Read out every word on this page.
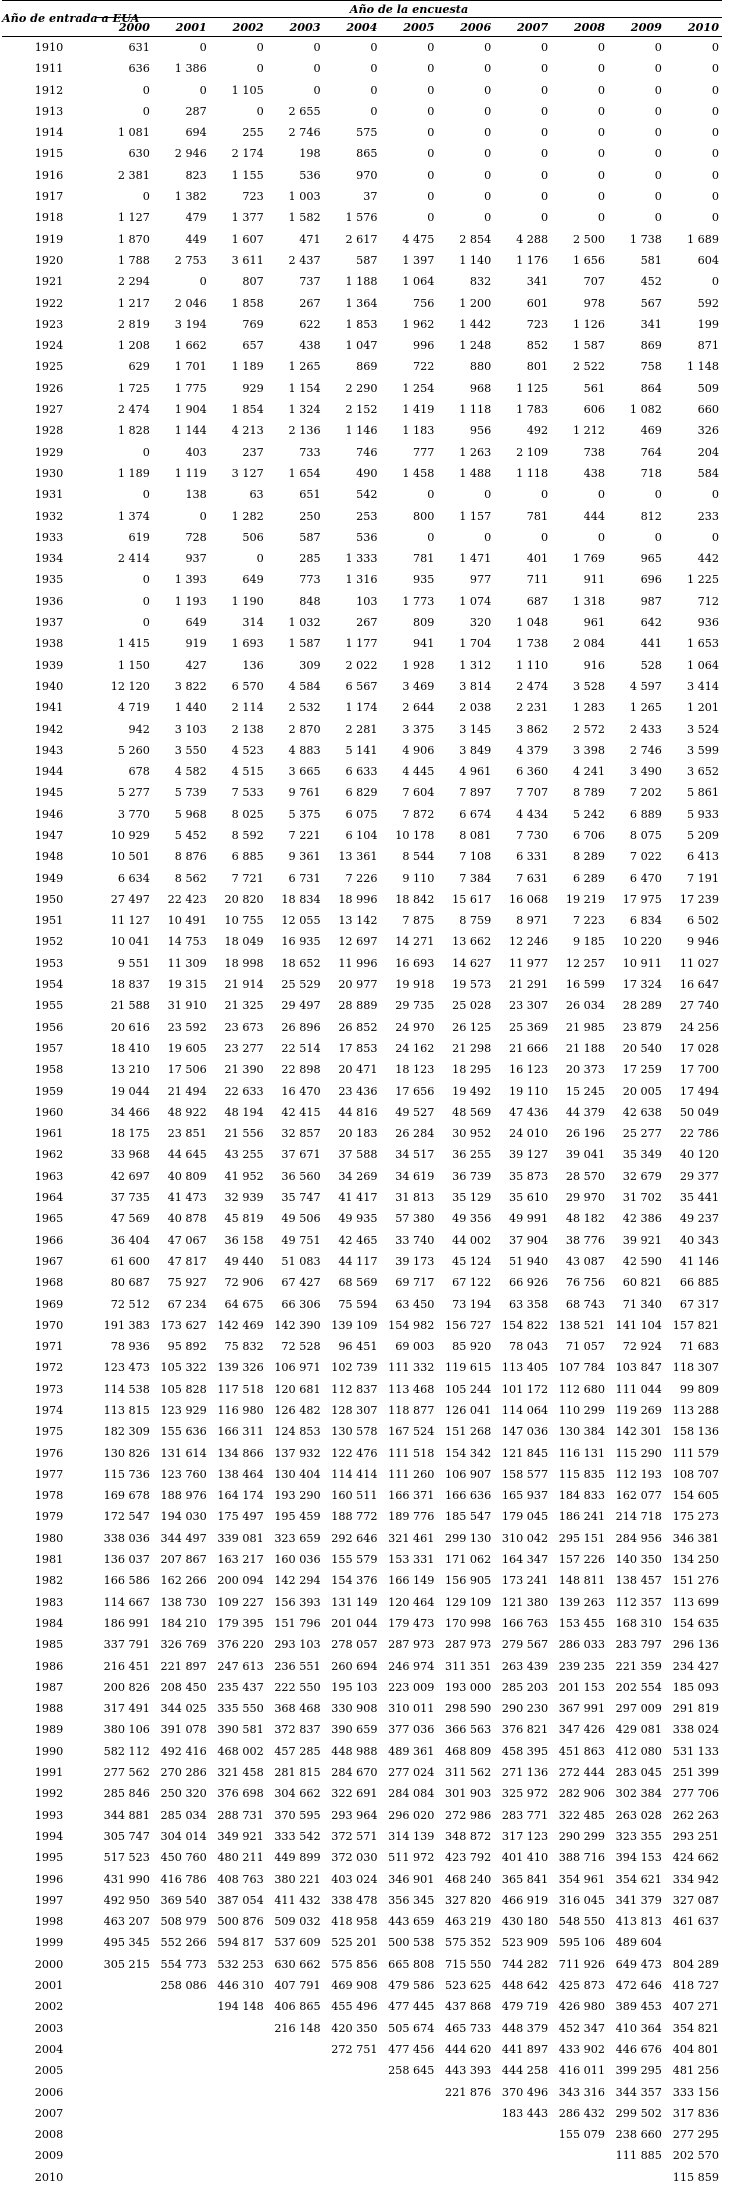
Año de entrada a EUA	Año de la encuesta										
	2000	2001	2002	2003	2004	2005	2006	2007	2008	2009	2010
1910	631	0	0	0	0	0	0	0	0	0	0
1911	636	1 386	0	0	0	0	0	0	0	0	0
1912	0	0	1 105	0	0	0	0	0	0	0	0
1913	0	287	0	2 655	0	0	0	0	0	0	0
1914	1 081	694	255	2 746	575	0	0	0	0	0	0
1915	630	2 946	2 174	198	865	0	0	0	0	0	0
1916	2 381	823	1 155	536	970	0	0	0	0	0	0
1917	0	1 382	723	1 003	37	0	0	0	0	0	0
1918	1 127	479	1 377	1 582	1 576	0	0	0	0	0	0
1919	1 870	449	1 607	471	2 617	4 475	2 854	4 288	2 500	1 738	1 689
1920	1 788	2 753	3 611	2 437	587	1 397	1 140	1 176	1 656	581	604
1921	2 294	0	807	737	1 188	1 064	832	341	707	452	0
1922	1 217	2 046	1 858	267	1 364	756	1 200	601	978	567	592
1923	2 819	3 194	769	622	1 853	1 962	1 442	723	1 126	341	199
1924	1 208	1 662	657	438	1 047	996	1 248	852	1 587	869	871
1925	629	1 701	1 189	1 265	869	722	880	801	2 522	758	1 148
1926	1 725	1 775	929	1 154	2 290	1 254	968	1 125	561	864	509
1927	2 474	1 904	1 854	1 324	2 152	1 419	1 118	1 783	606	1 082	660
1928	1 828	1 144	4 213	2 136	1 146	1 183	956	492	1 212	469	326
1929	0	403	237	733	746	777	1 263	2 109	738	764	204
1930	1 189	1 119	3 127	1 654	490	1 458	1 488	1 118	438	718	584
1931	0	138	63	651	542	0	0	0	0	0	0
1932	1 374	0	1 282	250	253	800	1 157	781	444	812	233
1933	619	728	506	587	536	0	0	0	0	0	0
1934	2 414	937	0	285	1 333	781	1 471	401	1 769	965	442
1935	0	1 393	649	773	1 316	935	977	711	911	696	1 225
1936	0	1 193	1 190	848	103	1 773	1 074	687	1 318	987	712
1937	0	649	314	1 032	267	809	320	1 048	961	642	936
1938	1 415	919	1 693	1 587	1 177	941	1 704	1 738	2 084	441	1 653
1939	1 150	427	136	309	2 022	1 928	1 312	1 110	916	528	1 064
1940	12 120	3 822	6 570	4 584	6 567	3 469	3 814	2 474	3 528	4 597	3 414
1941	4 719	1 440	2 114	2 532	1 174	2 644	2 038	2 231	1 283	1 265	1 201
1942	942	3 103	2 138	2 870	2 281	3 375	3 145	3 862	2 572	2 433	3 524
1943	5 260	3 550	4 523	4 883	5 141	4 906	3 849	4 379	3 398	2 746	3 599
1944	678	4 582	4 515	3 665	6 633	4 445	4 961	6 360	4 241	3 490	3 652
1945	5 277	5 739	7 533	9 761	6 829	7 604	7 897	7 707	8 789	7 202	5 861
1946	3 770	5 968	8 025	5 375	6 075	7 872	6 674	4 434	5 242	6 889	5 933
1947	10 929	5 452	8 592	7 221	6 104	10 178	8 081	7 730	6 706	8 075	5 209
1948	10 501	8 876	6 885	9 361	13 361	8 544	7 108	6 331	8 289	7 022	6 413
1949	6 634	8 562	7 721	6 731	7 226	9 110	7 384	7 631	6 289	6 470	7 191
1950	27 497	22 423	20 820	18 834	18 996	18 842	15 617	16 068	19 219	17 975	17 239
1951	11 127	10 491	10 755	12 055	13 142	7 875	8 759	8 971	7 223	6 834	6 502
1952	10 041	14 753	18 049	16 935	12 697	14 271	13 662	12 246	9 185	10 220	9 946
1953	9 551	11 309	18 998	18 652	11 996	16 693	14 627	11 977	12 257	10 911	11 027
1954	18 837	19 315	21 914	25 529	20 977	19 918	19 573	21 291	16 599	17 324	16 647
1955	21 588	31 910	21 325	29 497	28 889	29 735	25 028	23 307	26 034	28 289	27 740
1956	20 616	23 592	23 673	26 896	26 852	24 970	26 125	25 369	21 985	23 879	24 256
1957	18 410	19 605	23 277	22 514	17 853	24 162	21 298	21 666	21 188	20 540	17 028
1958	13 210	17 506	21 390	22 898	20 471	18 123	18 295	16 123	20 373	17 259	17 700
1959	19 044	21 494	22 633	16 470	23 436	17 656	19 492	19 110	15 245	20 005	17 494
1960	34 466	48 922	48 194	42 415	44 816	49 527	48 569	47 436	44 379	42 638	50 049
1961	18 175	23 851	21 556	32 857	20 183	26 284	30 952	24 010	26 196	25 277	22 786
1962	33 968	44 645	43 255	37 671	37 588	34 517	36 255	39 127	39 041	35 349	40 120
1963	42 697	40 809	41 952	36 560	34 269	34 619	36 739	35 873	28 570	32 679	29 377
1964	37 735	41 473	32 939	35 747	41 417	31 813	35 129	35 610	29 970	31 702	35 441
1965	47 569	40 878	45 819	49 506	49 935	57 380	49 356	49 991	48 182	42 386	49 237
1966	36 404	47 067	36 158	49 751	42 465	33 740	44 002	37 904	38 776	39 921	40 343
1967	61 600	47 817	49 440	51 083	44 117	39 173	45 124	51 940	43 087	42 590	41 146
1968	80 687	75 927	72 906	67 427	68 569	69 717	67 122	66 926	76 756	60 821	66 885
1969	72 512	67 234	64 675	66 306	75 594	63 450	73 194	63 358	68 743	71 340	67 317
1970	191 383	173 627	142 469	142 390	139 109	154 982	156 727	154 822	138 521	141 104	157 821
1971	78 936	95 892	75 832	72 528	96 451	69 003	85 920	78 043	71 057	72 924	71 683
1972	123 473	105 322	139 326	106 971	102 739	111 332	119 615	113 405	107 784	103 847	118 307
1973	114 538	105 828	117 518	120 681	112 837	113 468	105 244	101 172	112 680	111 044	99 809
1974	113 815	123 929	116 980	126 482	128 307	118 877	126 041	114 064	110 299	119 269	113 288
1975	182 309	155 636	166 311	124 853	130 578	167 524	151 268	147 036	130 384	142 301	158 136
1976	130 826	131 614	134 866	137 932	122 476	111 518	154 342	121 845	116 131	115 290	111 579
1977	115 736	123 760	138 464	130 404	114 414	111 260	106 907	158 577	115 835	112 193	108 707
1978	169 678	188 976	164 174	193 290	160 511	166 371	166 636	165 937	184 833	162 077	154 605
1979	172 547	194 030	175 497	195 459	188 772	189 776	185 547	179 045	186 241	214 718	175 273
1980	338 036	344 497	339 081	323 659	292 646	321 461	299 130	310 042	295 151	284 956	346 381
1981	136 037	207 867	163 217	160 036	155 579	153 331	171 062	164 347	157 226	140 350	134 250
1982	166 586	162 266	200 094	142 294	154 376	166 149	156 905	173 241	148 811	138 457	151 276
1983	114 667	138 730	109 227	156 393	131 149	120 464	129 109	121 380	139 263	112 357	113 699
1984	186 991	184 210	179 395	151 796	201 044	179 473	170 998	166 763	153 455	168 310	154 635
1985	337 791	326 769	376 220	293 103	278 057	287 973	287 973	279 567	286 033	283 797	296 136
1986	216 451	221 897	247 613	236 551	260 694	246 974	311 351	263 439	239 235	221 359	234 427
1987	200 826	208 450	235 437	222 550	195 103	223 009	193 000	285 203	201 153	202 554	185 093
1988	317 491	344 025	335 550	368 468	330 908	310 011	298 590	290 230	367 991	297 009	291 819
1989	380 106	391 078	390 581	372 837	390 659	377 036	366 563	376 821	347 426	429 081	338 024
1990	582 112	492 416	468 002	457 285	448 988	489 361	468 809	458 395	451 863	412 080	531 133
1991	277 562	270 286	321 458	281 815	284 670	277 024	311 562	271 136	272 444	283 045	251 399
1992	285 846	250 320	376 698	304 662	322 691	284 084	301 903	325 972	282 906	302 384	277 706
1993	344 881	285 034	288 731	370 595	293 964	296 020	272 986	283 771	322 485	263 028	262 263
1994	305 747	304 014	349 921	333 542	372 571	314 139	348 872	317 123	290 299	323 355	293 251
1995	517 523	450 760	480 211	449 899	372 030	511 972	423 792	401 410	388 716	394 153	424 662
1996	431 990	416 786	408 763	380 221	403 024	346 901	468 240	365 841	354 961	354 621	334 942
1997	492 950	369 540	387 054	411 432	338 478	356 345	327 820	466 919	316 045	341 379	327 087
1998	463 207	508 979	500 876	509 032	418 958	443 659	463 219	430 180	548 550	413 813	461 637
1999	495 345	552 266	594 817	537 609	525 201	500 538	575 352	523 909	595 106	489 604	
2000	305 215	554 773	532 253	630 662	575 856	665 808	715 550	744 282	711 926	649 473	804 289
2001		258 086	446 310	407 791	469 908	479 586	523 625	448 642	425 873	472 646	418 727
2002			194 148	406 865	455 496	477 445	437 868	479 719	426 980	389 453	407 271
2003				216 148	420 350	505 674	465 733	448 379	452 347	410 364	354 821
2004					272 751	477 456	444 620	441 897	433 902	446 676	404 801
2005						258 645	443 393	444 258	416 011	399 295	481 256
2006							221 876	370 496	343 316	344 357	333 156
2007								183 443	286 432	299 502	317 836
2008									155 079	238 660	277 295
2009										111 885	202 570
2010											115 859
